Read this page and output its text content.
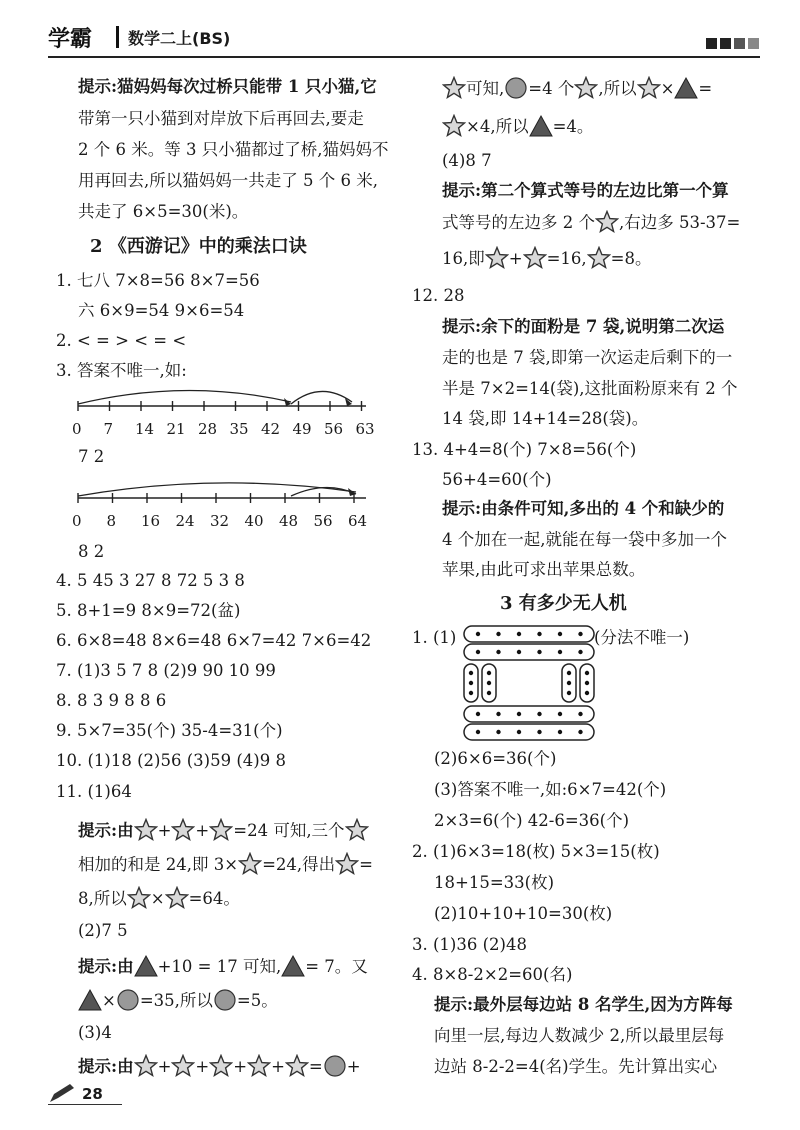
学霸 数学二上(BS)
提示:猫妈妈每次过桥只能带 1 只小猫,它
带第一只小猫到对岸放下后再回去,要走
2 个 6 米。等 3 只小猫都过了桥,猫妈妈不
用再回去,所以猫妈妈一共走了 5 个 6 米,
共走了 6×5=30(米)。
2 《西游记》中的乘法口诀
1. 七八 7×8=56 8×7=56
六 6×9=54 9×6=54
2. < = > < = <
3. 答案不唯一,如:
0 7 14 21 28 35 42 49 56 63
7 2
0 8 16 24 32 40 48 56 64
8 2
4. 5 45 3 27 8 72 5 3 8
5. 8+1=9 8×9=72(盆)
6. 6×8=48 8×6=48 6×7=42 7×6=42
7. (1)3 5 7 8 (2)9 90 10 99
8. 8 3 9 8 8 6
9. 5×7=35(个) 35-4=31(个)
10. (1)18 (2)56 (3)59 (4)9 8
11. (1)64
提示:由 + + =24 可知,三个
相加的和是 24,即 3× =24,得出 =
8,所以 × =64。
(2)7 5
提示:由 +10 = 17 可知, = 7。又
× =35,所以 =5。
(3)4
提示:由 + + + + = +
可知, =4 个 ,所以 × =
×4,所以 =4。
(4)8 7
提示:第二个算式等号的左边比第一个算
式等号的左边多 2 个 ,右边多 53-37=
16,即 + =16, =8。
12. 28
提示:余下的面粉是 7 袋,说明第二次运
走的也是 7 袋,即第一次运走后剩下的一
半是 7×2=14(袋),这批面粉原来有 2 个
14 袋,即 14+14=28(袋)。
13. 4+4=8(个) 7×8=56(个)
56+4=60(个)
提示:由条件可知,多出的 4 个和缺少的
4 个加在一起,就能在每一袋中多加一个
苹果,由此可求出苹果总数。
3 有多少无人机
1. (1)	(分法不唯一)
(2)6×6=36(个)
(3)答案不唯一,如:6×7=42(个)
2×3=6(个) 42-6=36(个)
2. (1)6×3=18(枚) 5×3=15(枚)
18+15=33(枚)
(2)10+10+10=30(枚)
3. (1)36 (2)48
4. 8×8-2×2=60(名)
提示:最外层每边站 8 名学生,因为方阵每
向里一层,每边人数减少 2,所以最里层每
边站 8-2-2=4(名)学生。先计算出实心
28
